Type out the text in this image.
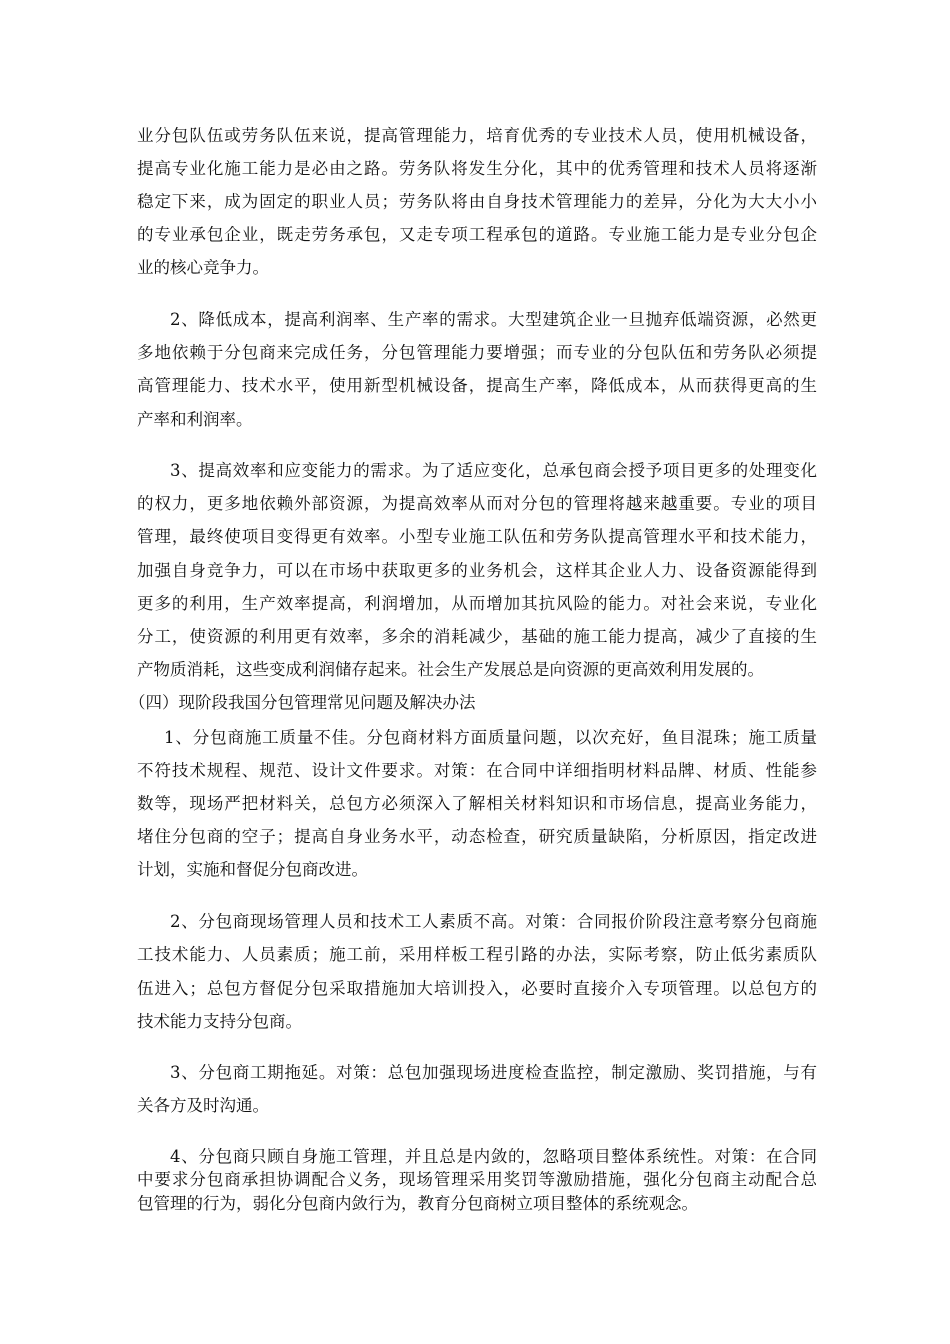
业分包队伍或劳务队伍来说，提高管理能力，培育优秀的专业技术人员，使用机械设备，
提高专业化施工能力是必由之路。劳务队将发生分化，其中的优秀管理和技术人员将逐渐
稳定下来，成为固定的职业人员；劳务队将由自身技术管理能力的差异，分化为大大小小
的专业承包企业，既走劳务承包，又走专项工程承包的道路。专业施工能力是专业分包企
业的核心竞争力。
2、降低成本，提高利润率、生产率的需求。大型建筑企业一旦抛弃低端资源，必然更
多地依赖于分包商来完成任务，分包管理能力要增强；而专业的分包队伍和劳务队必须提
高管理能力、技术水平，使用新型机械设备，提高生产率，降低成本，从而获得更高的生
产率和利润率。
3、提高效率和应变能力的需求。为了适应变化，总承包商会授予项目更多的处理变化
的权力，更多地依赖外部资源，为提高效率从而对分包的管理将越来越重要。专业的项目
管理，最终使项目变得更有效率。小型专业施工队伍和劳务队提高管理水平和技术能力，
加强自身竞争力，可以在市场中获取更多的业务机会，这样其企业人力、设备资源能得到
更多的利用，生产效率提高，利润增加，从而增加其抗风险的能力。对社会来说，专业化
分工，使资源的利用更有效率，多余的消耗减少，基础的施工能力提高，减少了直接的生
产物质消耗，这些变成利润储存起来。社会生产发展总是向资源的更高效利用发展的。
（四）现阶段我国分包管理常见问题及解决办法
1、分包商施工质量不佳。分包商材料方面质量问题，以次充好，鱼目混珠；施工质量
不符技术规程、规范、设计文件要求。对策：在合同中详细指明材料品牌、材质、性能参
数等，现场严把材料关，总包方必须深入了解相关材料知识和市场信息，提高业务能力，
堵住分包商的空子；提高自身业务水平，动态检查，研究质量缺陷，分析原因，指定改进
计划，实施和督促分包商改进。
2、分包商现场管理人员和技术工人素质不高。对策：合同报价阶段注意考察分包商施
工技术能力、人员素质；施工前，采用样板工程引路的办法，实际考察，防止低劣素质队
伍进入；总包方督促分包采取措施加大培训投入，必要时直接介入专项管理。以总包方的
技术能力支持分包商。
3、分包商工期拖延。对策：总包加强现场进度检查监控，制定激励、奖罚措施，与有
关各方及时沟通。
4、分包商只顾自身施工管理，并且总是内敛的，忽略项目整体系统性。对策：在合同
中要求分包商承担协调配合义务，现场管理采用奖罚等激励措施，强化分包商主动配合总
包管理的行为，弱化分包商内敛行为，教育分包商树立项目整体的系统观念。
